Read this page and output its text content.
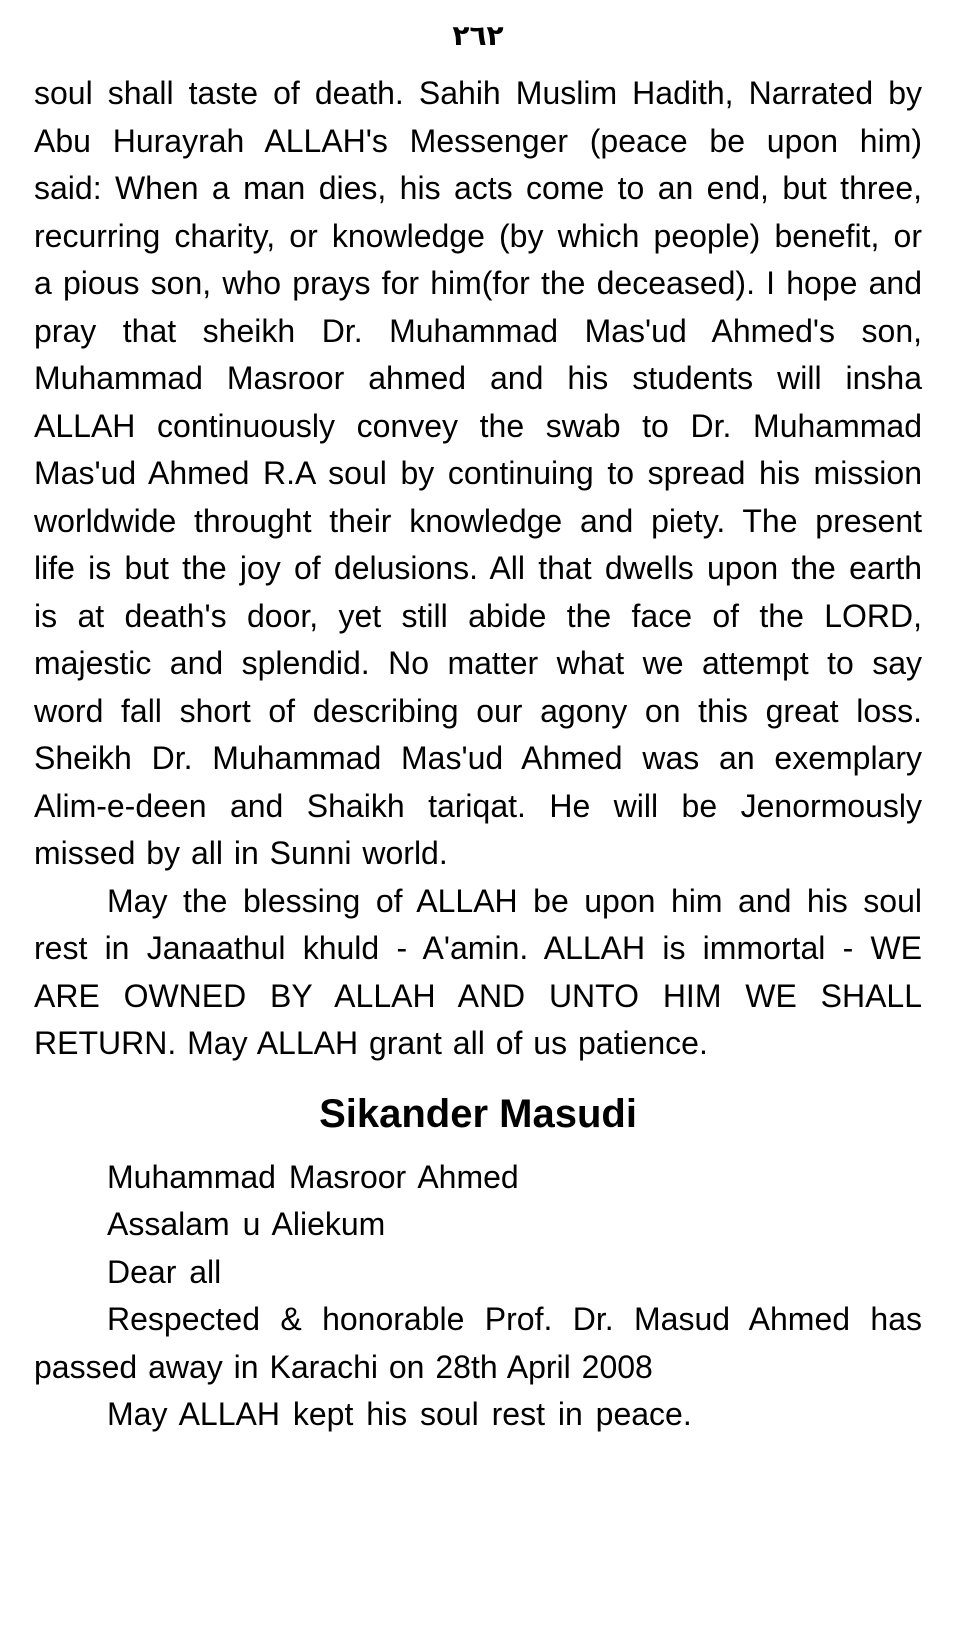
٢٦٢

soul shall taste of death. Sahih Muslim Hadith, Narrated by Abu Hurayrah ALLAH's Messenger (peace be upon him) said: When a man dies, his acts come to an end, but three, recurring charity, or knowledge (by which people) benefit, or a pious son, who prays for him(for the deceased). I hope and pray that sheikh Dr. Muhammad Mas'ud Ahmed's son, Muhammad Masroor ahmed and his students will insha ALLAH continuously convey the swab to Dr. Muhammad Mas'ud Ahmed R.A soul by continuing to spread his mission worldwide throught their knowledge and piety. The present life is but the joy of delusions. All that dwells upon the earth is at death's door, yet still abide the face of the LORD, majestic and splendid. No matter what we attempt to say word fall short of describing our agony on this great loss. Sheikh Dr. Muhammad Mas'ud Ahmed was an exemplary Alim-e-deen and Shaikh tariqat. He will be Jenormously missed by all in Sunni world.

May the blessing of ALLAH be upon him and his soul rest in Janaathul khuld - A'amin. ALLAH is immortal - WE ARE OWNED BY ALLAH AND UNTO HIM WE SHALL RETURN. May ALLAH grant all of us patience.

Sikander Masudi

Muhammad Masroor Ahmed

Assalam u Aliekum

Dear all

Respected & honorable Prof. Dr. Masud Ahmed has passed away in Karachi on 28th April 2008

May ALLAH kept his soul rest in peace.
